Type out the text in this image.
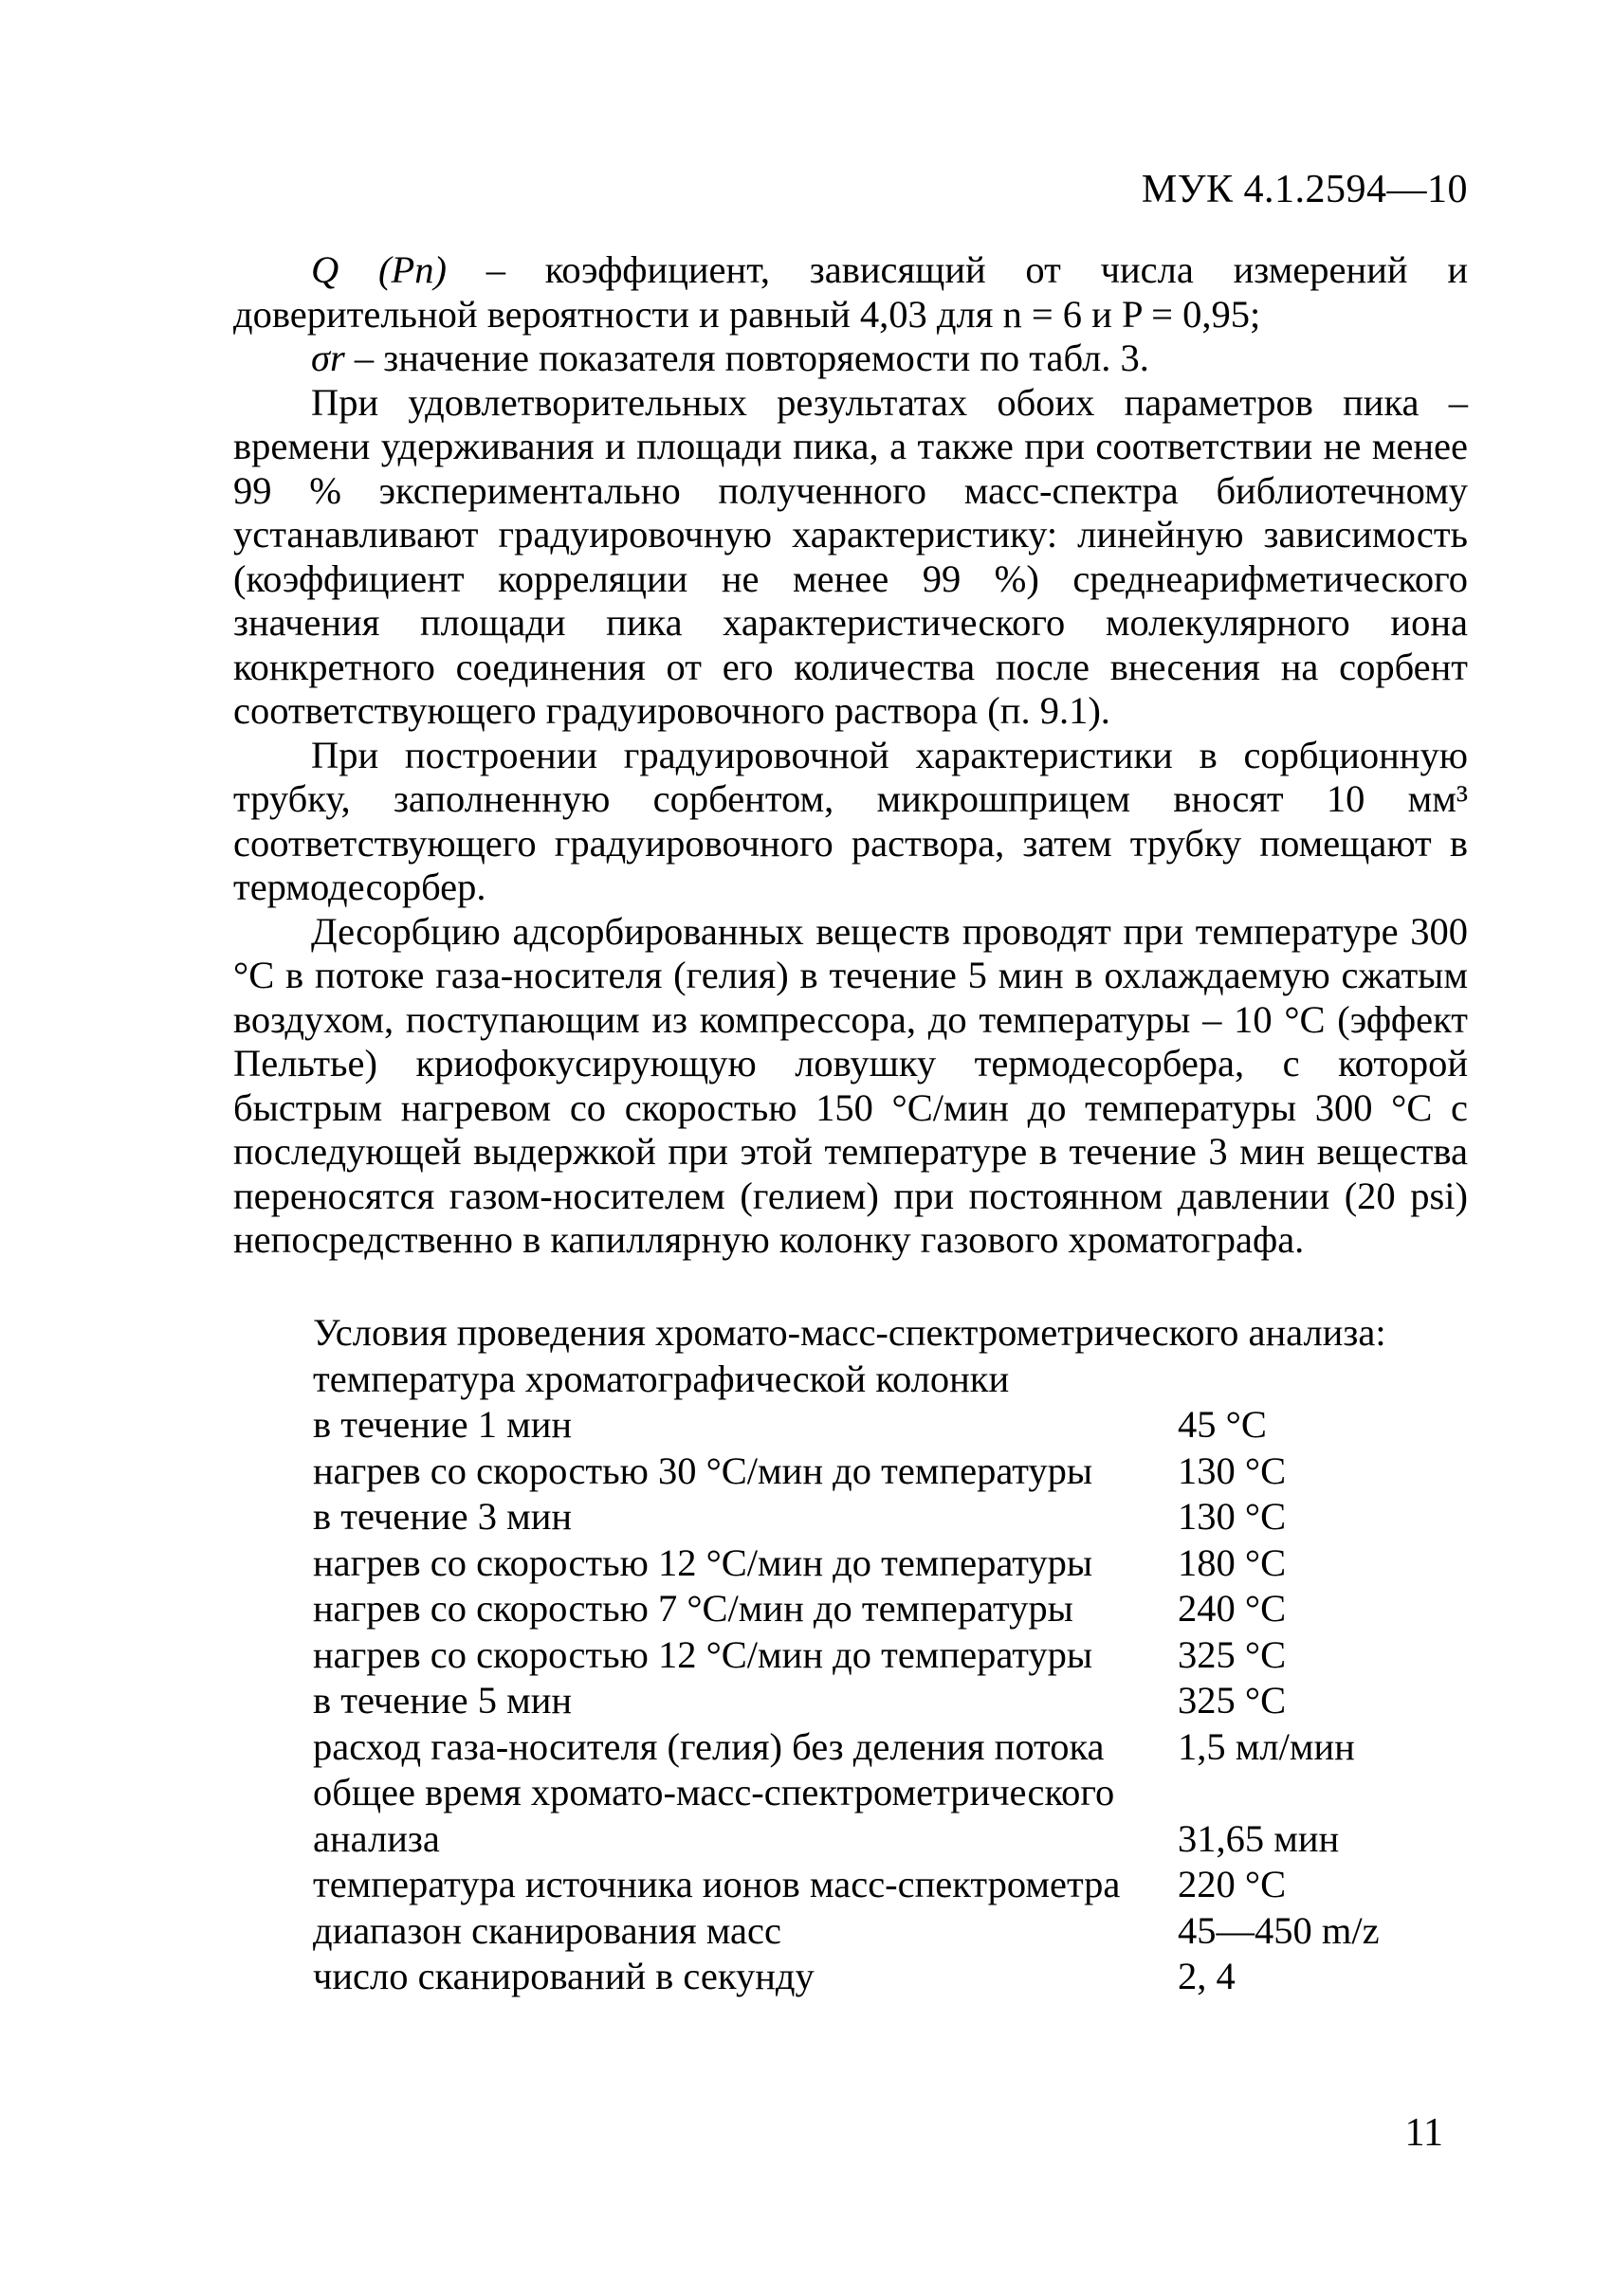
МУК 4.1.2594—10

Q (Pn) – коэффициент, зависящий от числа измерений и доверительной вероятности и равный 4,03 для n = 6 и P = 0,95;

σr – значение показателя повторяемости по табл. 3.

При удовлетворительных результатах обоих параметров пика – времени удерживания и площади пика, а также при соответствии не менее 99 % экспериментально полученного масс-спектра библиотечному устанавливают градуировочную характеристику: линейную зависимость (коэффициент корреляции не менее 99 %) среднеарифметического значения площади пика характеристического молекулярного иона конкретного соединения от его количества после внесения на сорбент соответствующего градуировочного раствора (п. 9.1).

При построении градуировочной характеристики в сорбционную трубку, заполненную сорбентом, микрошприцем вносят 10 мм³ соответствующего градуировочного раствора, затем трубку помещают в термодесорбер.

Десорбцию адсорбированных веществ проводят при температуре 300 °С в потоке газа-носителя (гелия) в течение 5 мин в охлаждаемую сжатым воздухом, поступающим из компрессора, до температуры – 10 °С (эффект Пельтье) криофокусирующую ловушку термодесорбера, с которой быстрым нагревом со скоростью 150 °С/мин до температуры 300 °С с последующей выдержкой при этой температуре в течение 3 мин вещества переносятся газом-носителем (гелием) при постоянном давлении (20 psi) непосредственно в капиллярную колонку газового хроматографа.

Условия проведения хромато-масс-спектрометрического анализа:

температура хроматографической колонки

в течение 1 мин	45 °С
нагрев со скоростью 30 °С/мин до температуры	130 °С
в течение 3 мин	130 °С
нагрев со скоростью 12 °С/мин до температуры	180 °С
нагрев со скоростью 7 °С/мин до температуры	240 °С
нагрев со скоростью 12 °С/мин до температуры	325 °С
в течение 5 мин	325 °С
расход газа-носителя (гелия) без деления потока	1,5 мл/мин
общее время хромато-масс-спектрометрического
анализа	31,65 мин
температура источника ионов масс-спектрометра	220 °С
диапазон сканирования масс	45—450 m/z
число сканирований в секунду	2, 4
11
